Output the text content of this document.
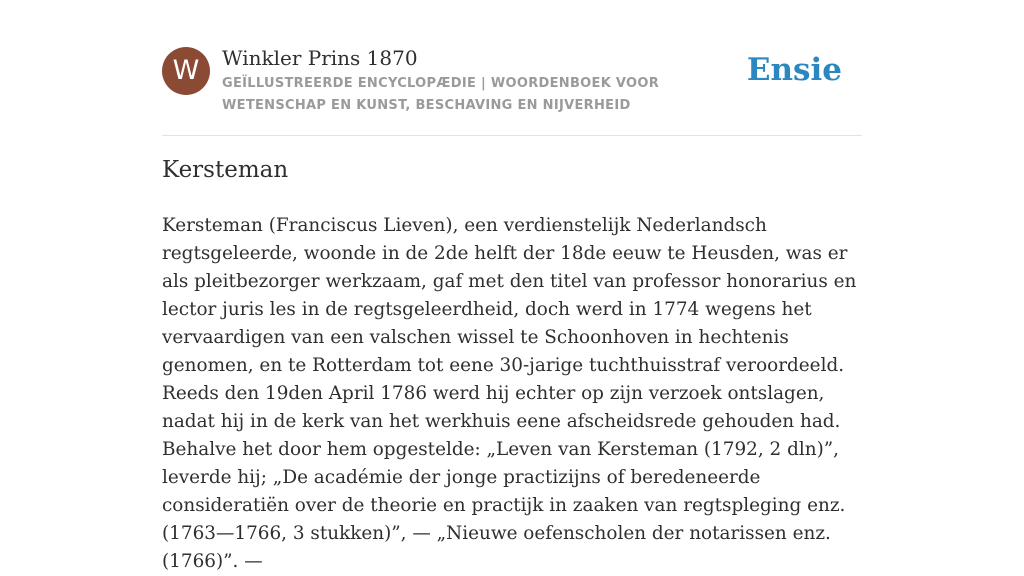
W	Winkler Prins 1870
GEÏLLUSTREERDE ENCYCLOPÆDIE | WOORDENBOEK VOOR WETENSCHAP EN KUNST, BESCHAVING EN NIJVERHEID
Ensie
Kersteman

Kersteman (Franciscus Lieven), een verdienstelijk Nederlandsch regtsgeleerde, woonde in de 2de helft der 18de eeuw te Heusden, was er als pleitbezorger werkzaam, gaf met den titel van professor honorarius en lector juris les in de regtsgeleerdheid, doch werd in 1774 wegens het vervaardigen van een valschen wissel te Schoonhoven in hechtenis genomen, en te Rotterdam tot eene 30-jarige tuchthuisstraf veroordeeld. Reeds den 19den April 1786 werd hij echter op zijn verzoek ontslagen, nadat hij in de kerk van het werkhuis eene afscheidsrede gehouden had. Behalve het door hem opgestelde: „Leven van Kersteman (1792, 2 dln)”, leverde hij; „De académie der jonge practizijns of beredeneerde consideratiën over de theorie en practijk in zaaken van regtspleging enz. (1763—1766, 3 stukken)”, — „Nieuwe oefenscholen der notarissen enz. (1766)”. —
